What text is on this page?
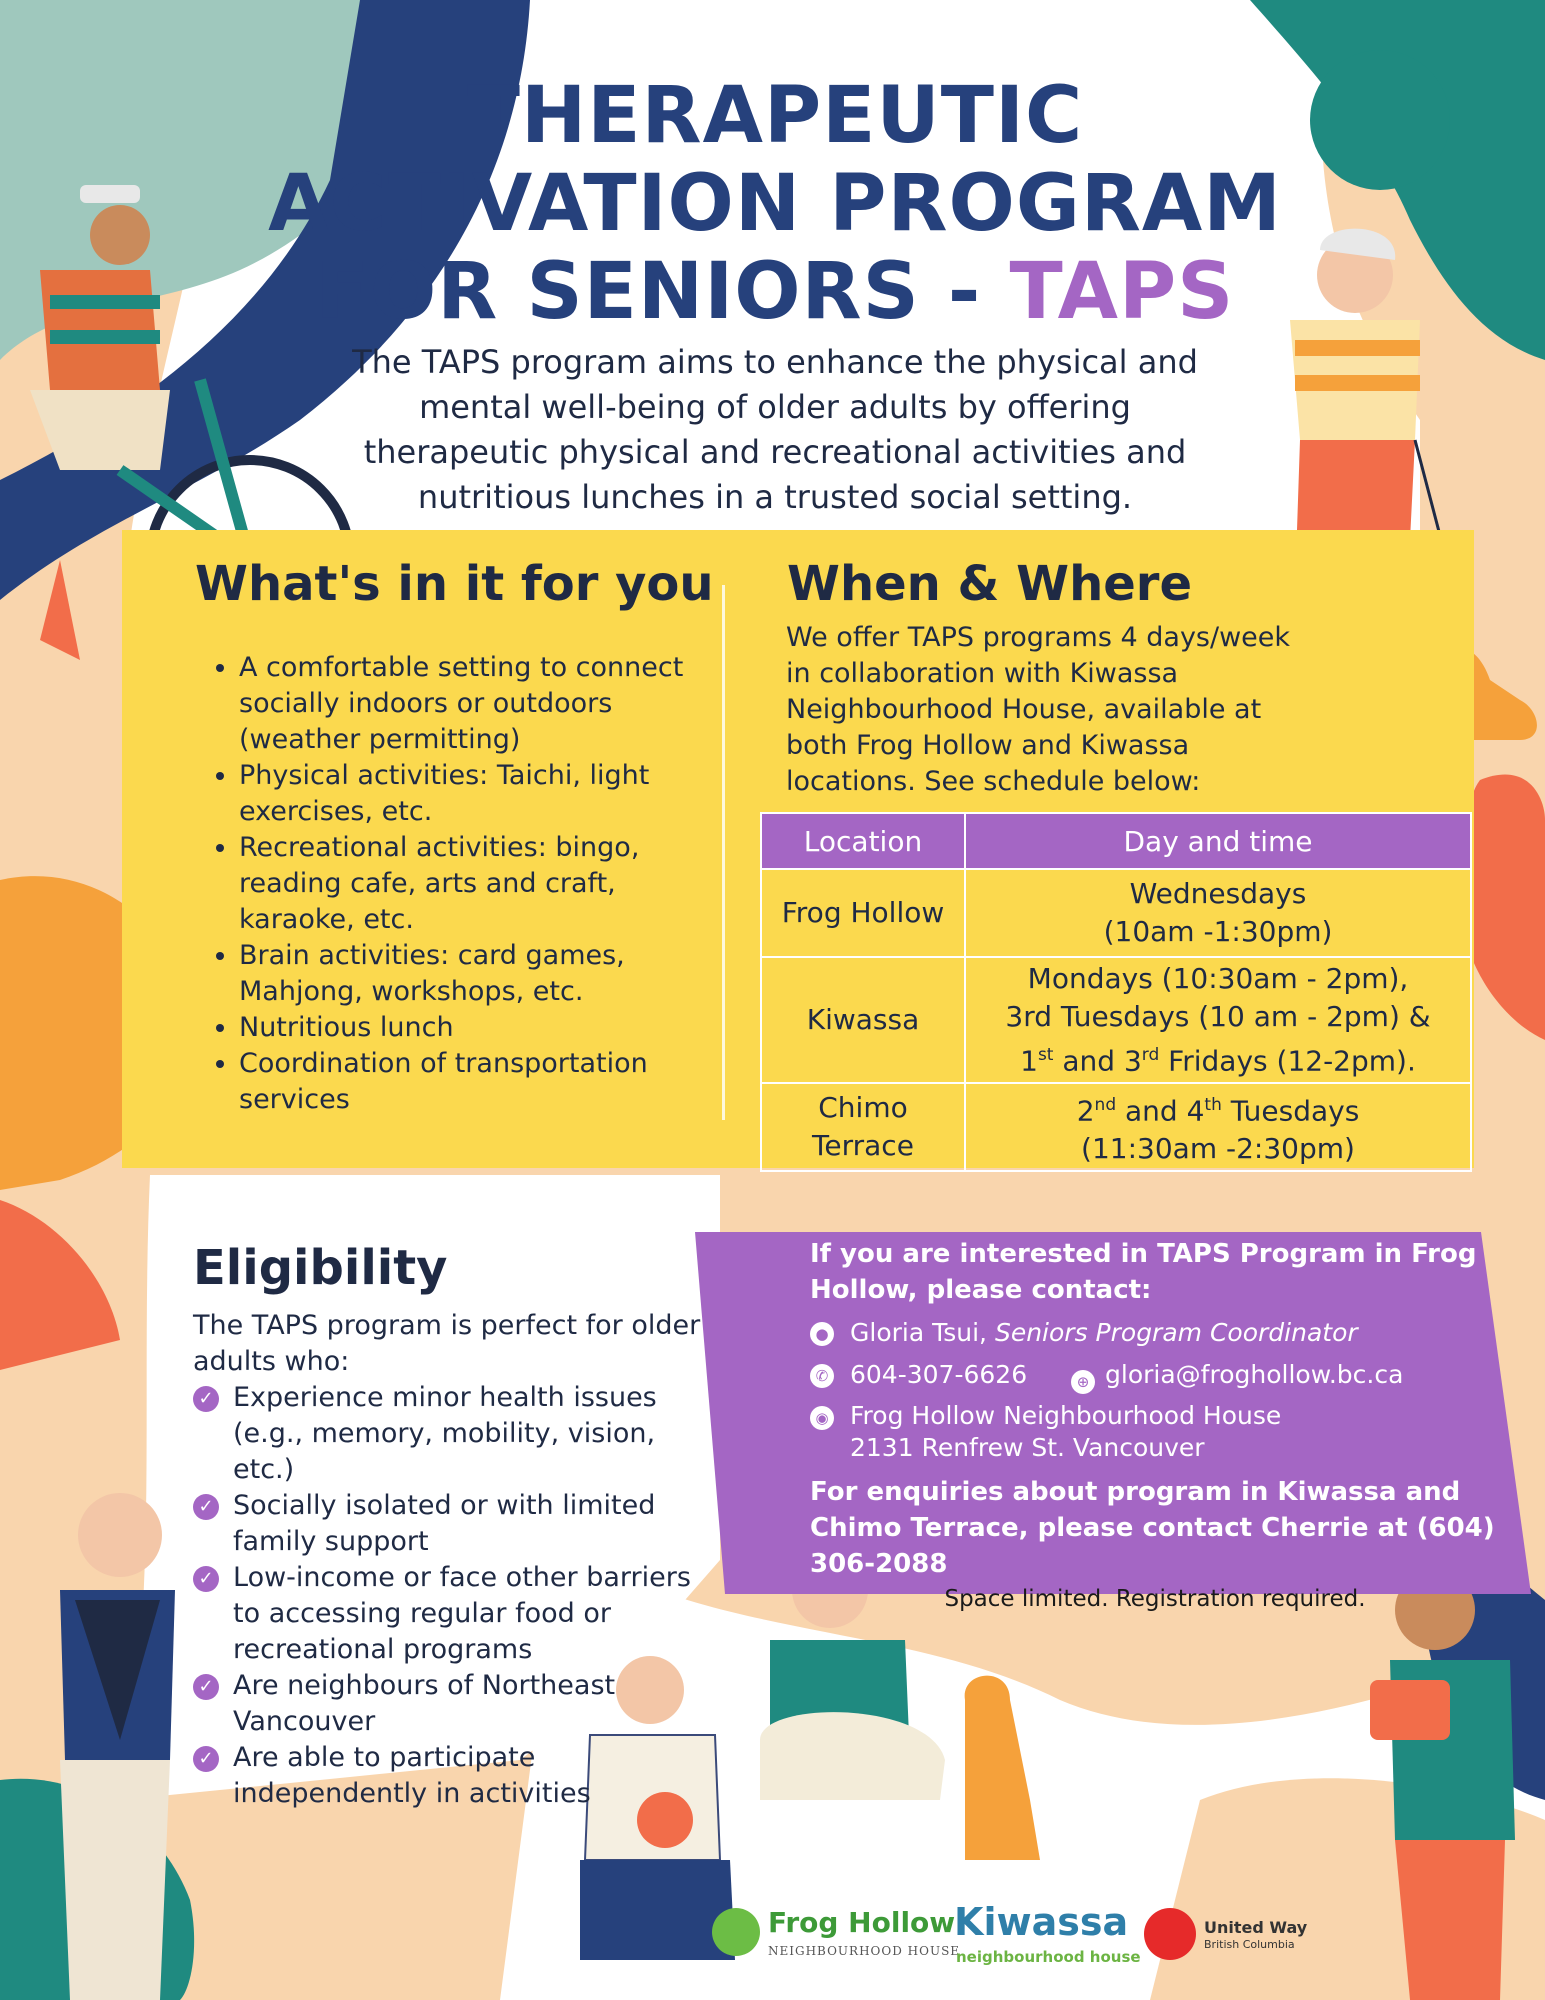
THERAPEUTIC
ACTIVATION PROGRAM
FOR SENIORS - TAPS
The TAPS program aims to enhance the physical and mental well-being of older adults by offering therapeutic physical and recreational activities and nutritious lunches in a trusted social setting.
What's in it for you
• A comfortable setting to connect socially indoors or outdoors (weather permitting)
• Physical activities: Taichi, light exercises, etc.
• Recreational activities: bingo, reading cafe, arts and craft, karaoke, etc.
• Brain activities: card games, Mahjong, workshops, etc.
• Nutritious lunch
• Coordination of transportation services
When & Where
We offer TAPS programs 4 days/week in collaboration with Kiwassa Neighbourhood House, available at both Frog Hollow and Kiwassa locations. See schedule below:
Location	Day and time
Frog Hollow	Wednesdays
(10am -1:30pm)

Kiwassa	Mondays (10:30am - 2pm),
3rd Tuesdays (10 am - 2pm) &
1st and 3rd Fridays (12-2pm).

Chimo Terrace	2nd and 4th Tuesdays
(11:30am -2:30pm)
Eligibility
The TAPS program is perfect for older adults who:
✓ Experience minor health issues (e.g., memory, mobility, vision, etc.)
✓ Socially isolated or with limited family support
✓ Low-income or face other barriers to accessing regular food or recreational programs
✓ Are neighbours of Northeast Vancouver
✓ Are able to participate independently in activities
If you are interested in TAPS Program in Frog Hollow, please contact:
● Gloria Tsui, Seniors Program Coordinator
✆ 604-307-6626	⊕ gloria@froghollow.bc.ca
◉ Frog Hollow Neighbourhood House
2131 Renfrew St. Vancouver
For enquiries about program in Kiwassa and Chimo Terrace, please contact Cherrie at (604) 306-2088
Space limited. Registration required.
Frog Hollow
NEIGHBOURHOOD HOUSE
Kiwassa
neighbourhood house
United Way
British Columbia
